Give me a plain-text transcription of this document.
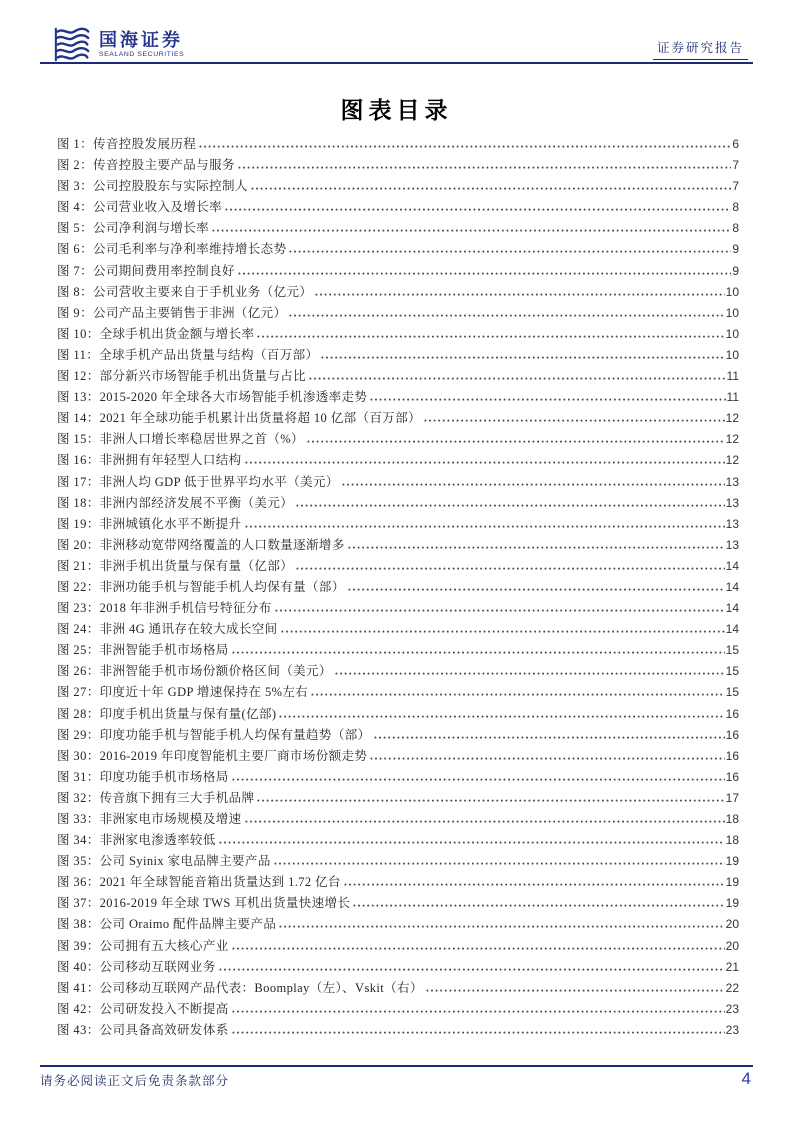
国海证券
SEALAND SECURITIES	证券研究报告
图表目录
图 1：传音控股发展历程	6
图 2：传音控股主要产品与服务	7
图 3：公司控股股东与实际控制人	7
图 4：公司营业收入及增长率	8
图 5：公司净利润与增长率	8
图 6：公司毛利率与净利率维持增长态势	9
图 7：公司期间费用率控制良好	9
图 8：公司营收主要来自于手机业务（亿元）	10
图 9：公司产品主要销售于非洲（亿元）	10
图 10：全球手机出货金额与增长率	10
图 11：全球手机产品出货量与结构（百万部）	10
图 12：部分新兴市场智能手机出货量与占比	11
图 13：2015-2020 年全球各大市场智能手机渗透率走势	11
图 14：2021 年全球功能手机累计出货量将超 10 亿部（百万部）	12
图 15：非洲人口增长率稳居世界之首（%）	12
图 16：非洲拥有年轻型人口结构	12
图 17：非洲人均 GDP 低于世界平均水平（美元）	13
图 18：非洲内部经济发展不平衡（美元）	13
图 19：非洲城镇化水平不断提升	13
图 20：非洲移动宽带网络覆盖的人口数量逐渐增多	13
图 21：非洲手机出货量与保有量（亿部）	14
图 22：非洲功能手机与智能手机人均保有量（部）	14
图 23：2018 年非洲手机信号特征分布	14
图 24：非洲 4G 通讯存在较大成长空间	14
图 25：非洲智能手机市场格局	15
图 26：非洲智能手机市场份额价格区间（美元）	15
图 27：印度近十年 GDP 增速保持在 5%左右	15
图 28：印度手机出货量与保有量(亿部)	16
图 29：印度功能手机与智能手机人均保有量趋势（部）	16
图 30：2016-2019 年印度智能机主要厂商市场份额走势	16
图 31：印度功能手机市场格局	16
图 32：传音旗下拥有三大手机品牌	17
图 33：非洲家电市场规模及增速	18
图 34：非洲家电渗透率较低	18
图 35：公司 Syinix 家电品牌主要产品	19
图 36：2021 年全球智能音箱出货量达到 1.72 亿台	19
图 37：2016-2019 年全球 TWS 耳机出货量快速增长	19
图 38：公司 Oraimo 配件品牌主要产品	20
图 39：公司拥有五大核心产业	20
图 40：公司移动互联网业务	21
图 41：公司移动互联网产品代表：Boomplay（左）、Vskit（右）	22
图 42：公司研发投入不断提高	23
图 43：公司具备高效研发体系	23
请务必阅读正文后免责条款部分	4
